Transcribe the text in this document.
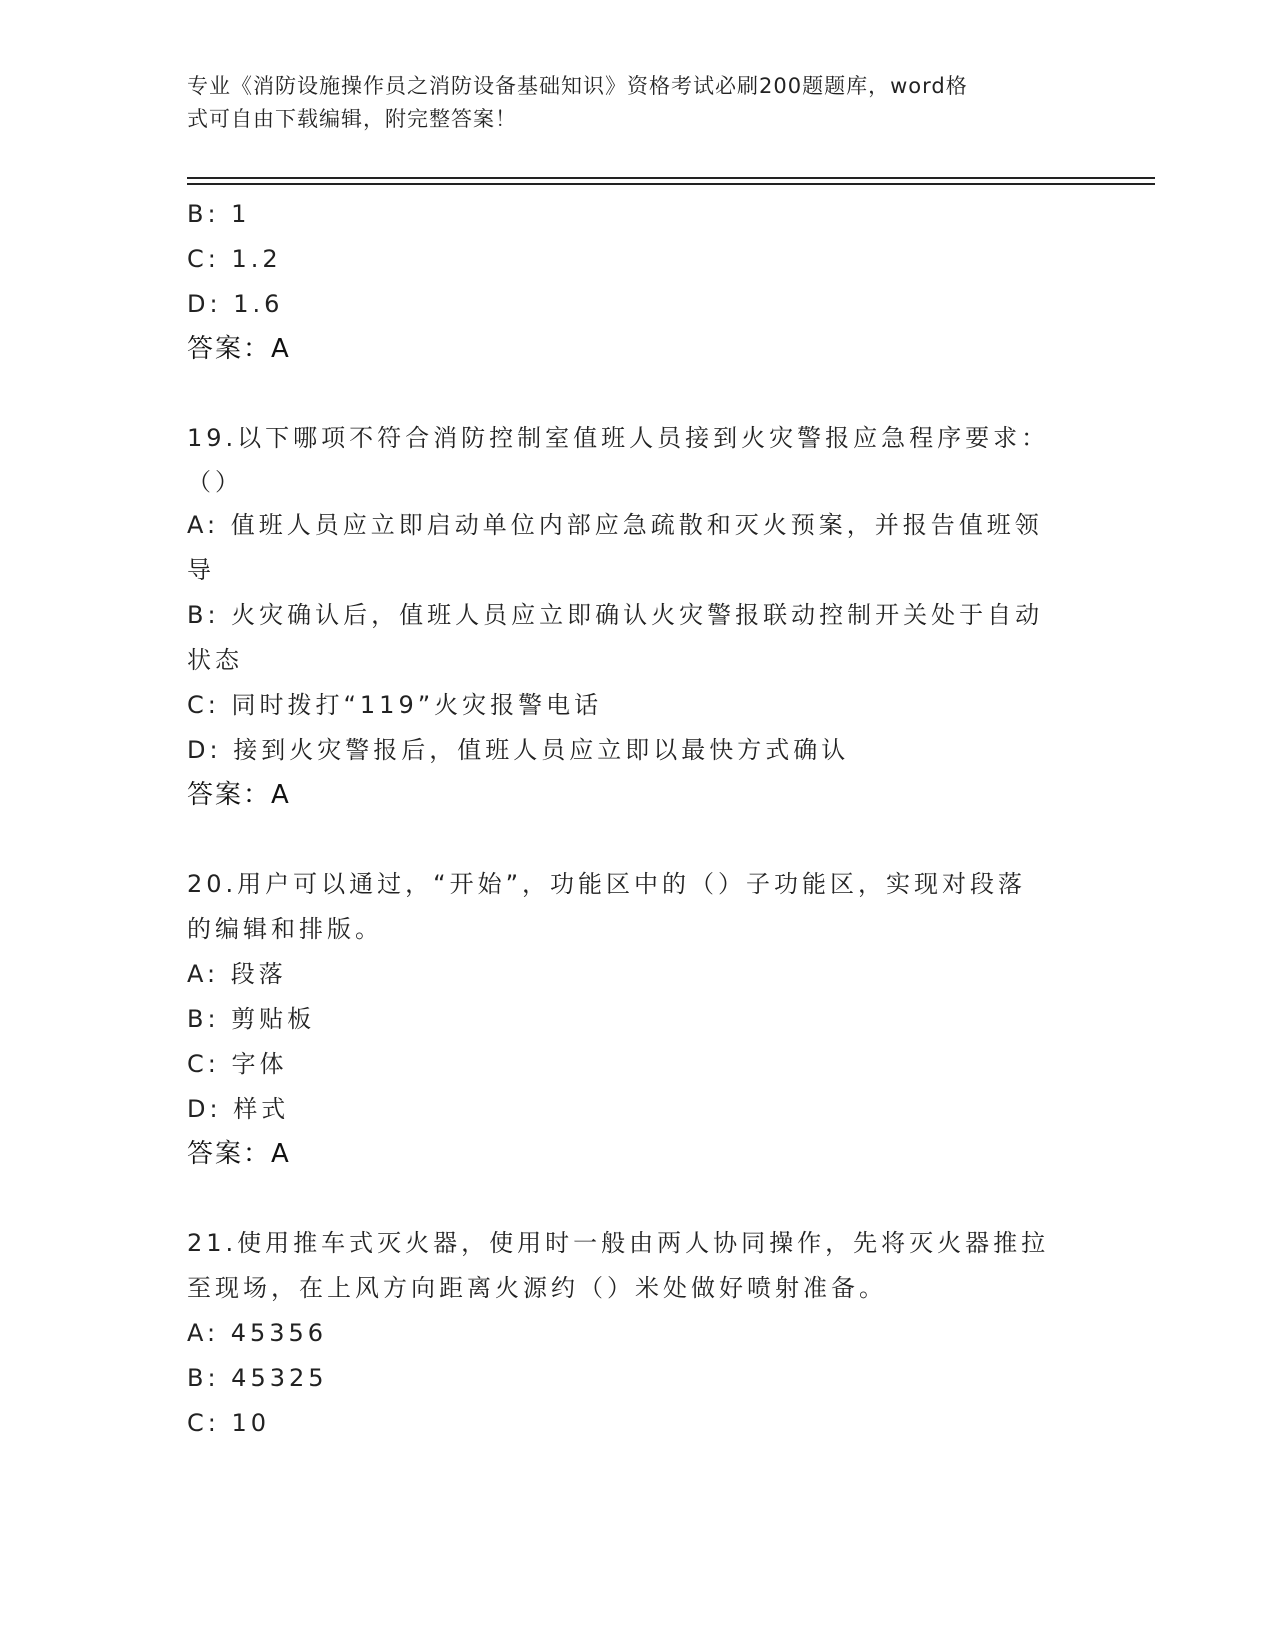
专业《消防设施操作员之消防设备基础知识》资格考试必刷200题题库，word格
式可自由下载编辑，附完整答案！
B: 1
C: 1.2
D: 1.6
答案：A
19.以下哪项不符合消防控制室值班人员接到火灾警报应急程序要求：
（）
A: 值班人员应立即启动单位内部应急疏散和灭火预案，并报告值班领
导
B: 火灾确认后，值班人员应立即确认火灾警报联动控制开关处于自动
状态
C: 同时拨打“119”火灾报警电话
D: 接到火灾警报后，值班人员应立即以最快方式确认
答案：A
20.用户可以通过，“开始”，功能区中的（）子功能区，实现对段落
的编辑和排版。
A: 段落
B: 剪贴板
C: 字体
D: 样式
答案：A
21.使用推车式灭火器，使用时一般由两人协同操作，先将灭火器推拉
至现场，在上风方向距离火源约（）米处做好喷射准备。
A: 45356
B: 45325
C: 10
